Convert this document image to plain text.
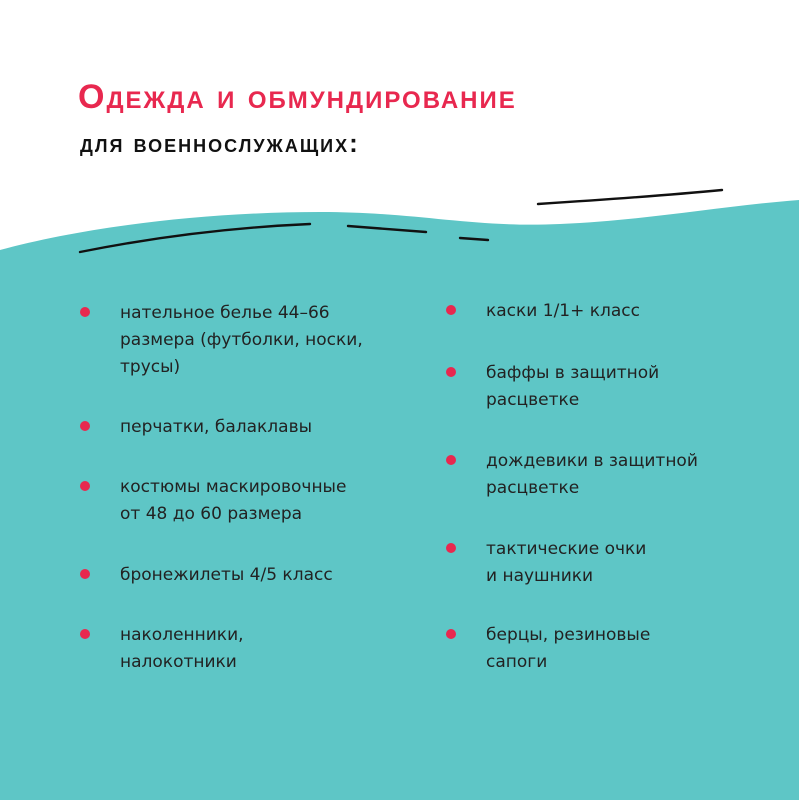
Одежда и обмундирование
для военнослужащих:
нательное белье 44–66
размера (футболки, носки,
трусы)
перчатки, балаклавы
костюмы маскировочные
от 48 до 60 размера
бронежилеты 4/5 класс
наколенники,
налокотники
каски 1/1+ класс
баффы в защитной
расцветке
дождевики в защитной
расцветке
тактические очки
и наушники
берцы, резиновые
сапоги
